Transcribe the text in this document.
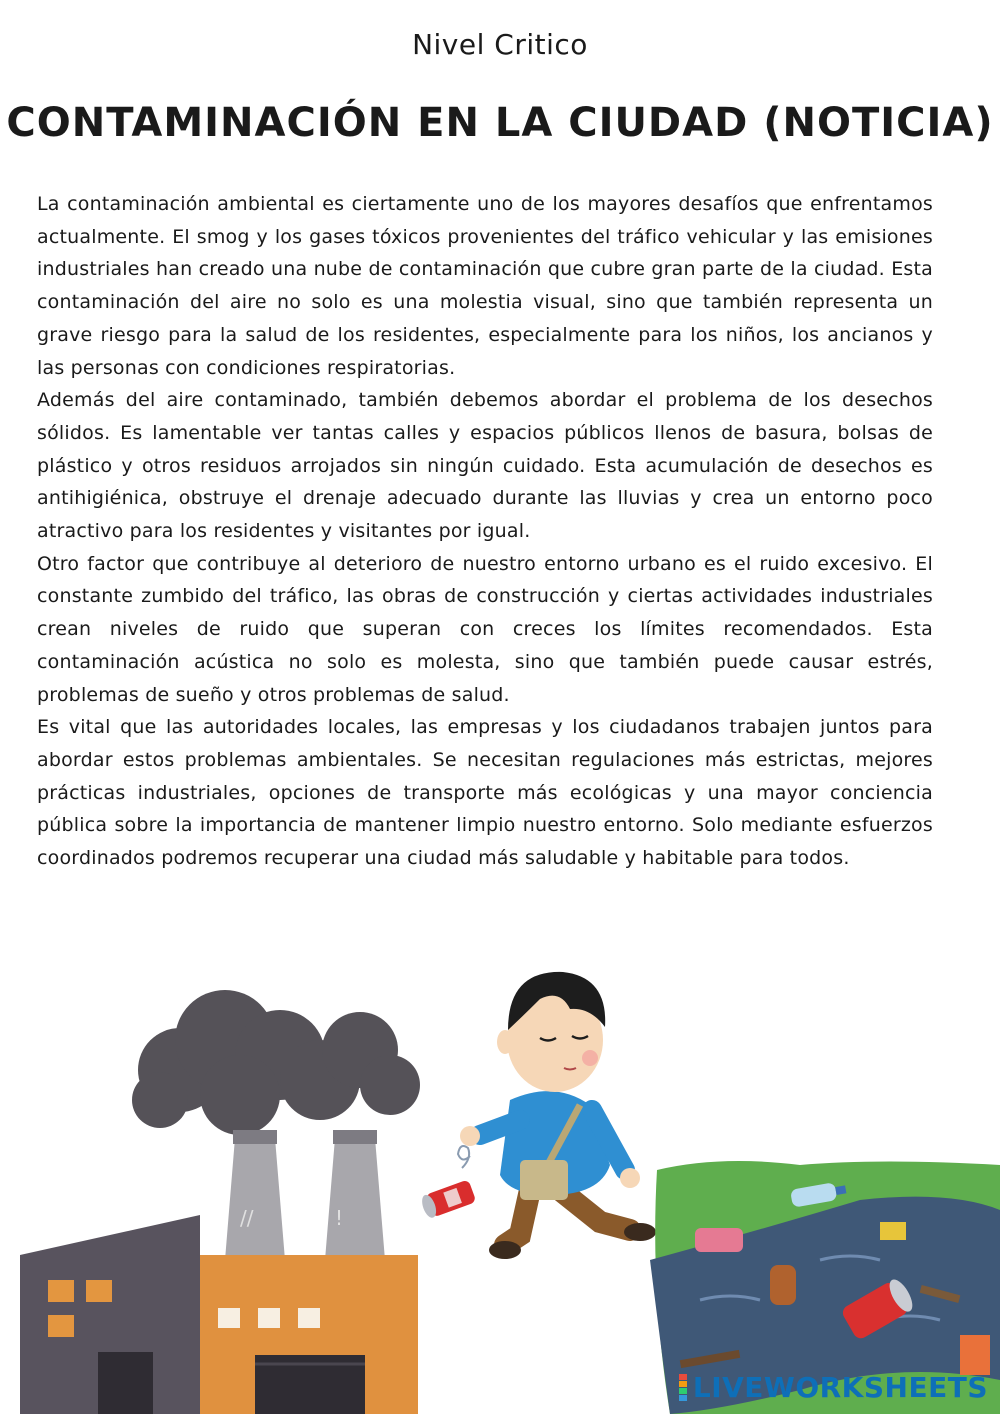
Nivel Critico
CONTAMINACIÓN EN LA CIUDAD (NOTICIA)

La contaminación ambiental es ciertamente uno de los mayores desafíos que enfrentamos actualmente. El smog y los gases tóxicos provenientes del tráfico vehicular y las emisiones industriales han creado una nube de contaminación que cubre gran parte de la ciudad. Esta contaminación del aire no solo es una molestia visual, sino que también representa un grave riesgo para la salud de los residentes, especialmente para los niños, los ancianos y las personas con condiciones respiratorias.

Además del aire contaminado, también debemos abordar el problema de los desechos sólidos. Es lamentable ver tantas calles y espacios públicos llenos de basura, bolsas de plástico y otros residuos arrojados sin ningún cuidado. Esta acumulación de desechos es antihigiénica, obstruye el drenaje adecuado durante las lluvias y crea un entorno poco atractivo para los residentes y visitantes por igual.

Otro factor que contribuye al deterioro de nuestro entorno urbano es el ruido excesivo. El constante zumbido del tráfico, las obras de construcción y ciertas actividades industriales crean niveles de ruido que superan con creces los límites recomendados. Esta contaminación acústica no solo es molesta, sino que también puede causar estrés, problemas de sueño y otros problemas de salud.

Es vital que las autoridades locales, las empresas y los ciudadanos trabajen juntos para abordar estos problemas ambientales. Se necesitan regulaciones más estrictas, mejores prácticas industriales, opciones de transporte más ecológicas y una mayor conciencia pública sobre la importancia de mantener limpio nuestro entorno. Solo mediante esfuerzos coordinados podremos recuperar una ciudad más saludable y habitable para todos.

//	!
LIVEWORKSHEETS
